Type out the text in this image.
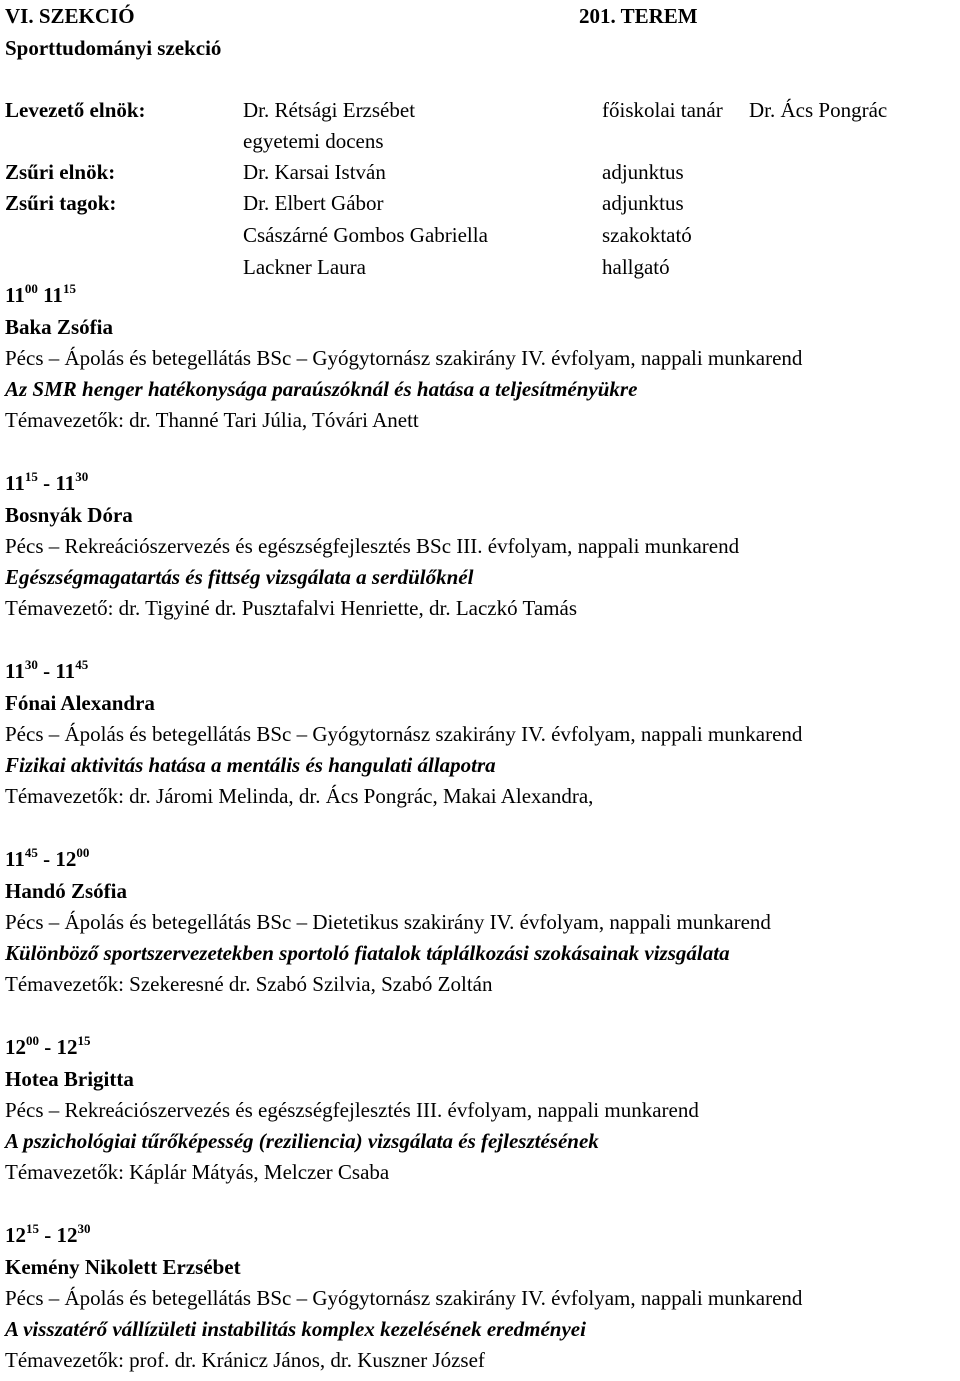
VI. SZEKCIÓ	201. TEREM
Sporttudományi szekció
Levezető elnök:	Dr. Rétsági Erzsébet	főiskolai tanár Dr. Ács Pongrác
egyetemi docens
Zsűri elnök:	Dr. Karsai István	adjunktus
Zsűri tagok:	Dr. Elbert Gábor	adjunktus
Császárné Gombos Gabriella	szakoktató
Lackner Laura	hallgató
$11^{00}$ $11^{15}$
Baka Zsófia
Pécs – Ápolás és betegellátás BSc – Gyógytornász szakirány IV. évfolyam, nappali munkarend
Az SMR henger hatékonysága paraúszóknál és hatása a teljesítményükre
Témavezetők: dr. Thanné Tari Júlia, Tóvári Anett
$11^{15} - 11^{30}$
Bosnyák Dóra
Pécs – Rekreációszervezés és egészségfejlesztés BSc III. évfolyam, nappali munkarend
Egészségmagatartás és fittség vizsgálata a serdülőknél
Témavezető: dr. Tigyiné dr. Pusztafalvi Henriette, dr. Laczkó Tamás
$11^{30} - 11^{45}$
Fónai Alexandra
Pécs – Ápolás és betegellátás BSc – Gyógytornász szakirány IV. évfolyam, nappali munkarend
Fizikai aktivitás hatása a mentális és hangulati állapotra
Témavezetők: dr. Járomi Melinda, dr. Ács Pongrác, Makai Alexandra,
$11^{45} - 12^{00}$
Handó Zsófia
Pécs – Ápolás és betegellátás BSc – Dietetikus szakirány IV. évfolyam, nappali munkarend
Különböző sportszervezetekben sportoló fiatalok táplálkozási szokásainak vizsgálata
Témavezetők: Szekeresné dr. Szabó Szilvia, Szabó Zoltán
$12^{00} - 12^{15}$
Hotea Brigitta
Pécs – Rekreációszervezés és egészségfejlesztés III. évfolyam, nappali munkarend
A pszichológiai tűrőképesség (reziliencia) vizsgálata és fejlesztésének
Témavezetők: Káplár Mátyás, Melczer Csaba
$12^{15} - 12^{30}$
Kemény Nikolett Erzsébet
Pécs – Ápolás és betegellátás BSc – Gyógytornász szakirány IV. évfolyam, nappali munkarend
A visszatérő vállízületi instabilitás komplex kezelésének eredményei
Témavezetők: prof. dr. Kránicz János, dr. Kuszner József
